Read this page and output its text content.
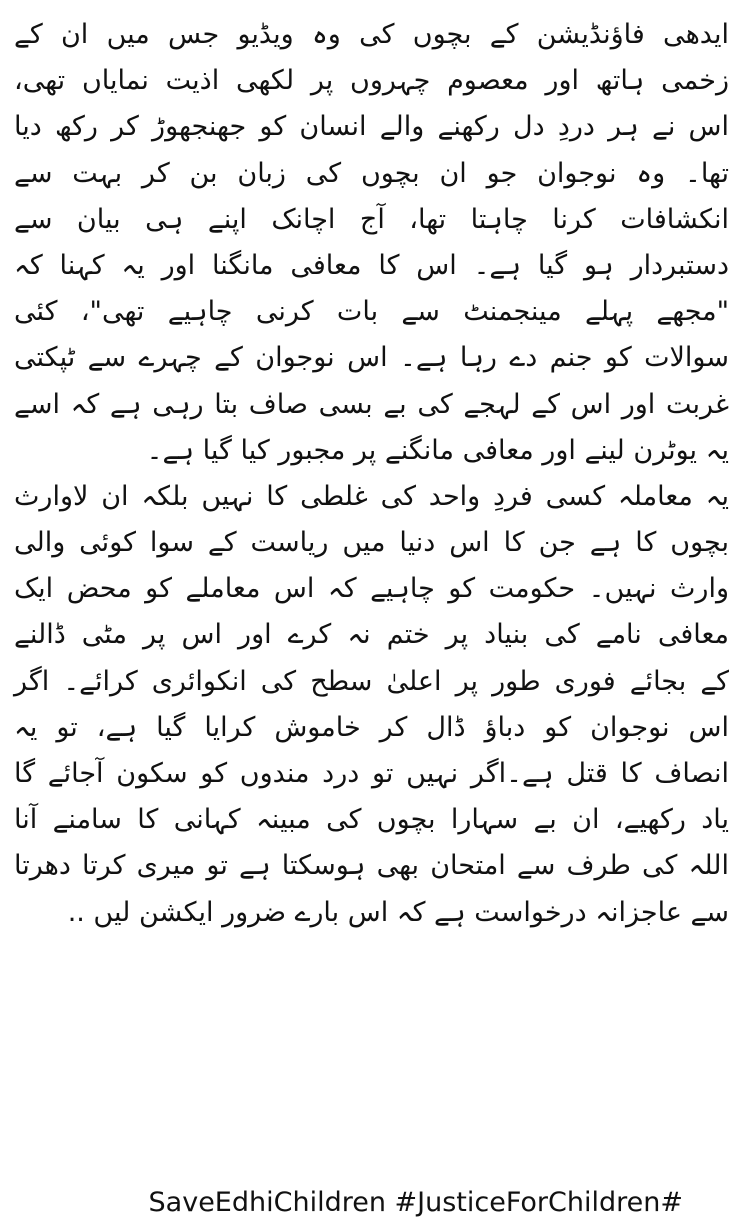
ایدھی فاؤنڈیشن کے بچوں کی وہ ویڈیو جس میں ان کے
زخمی ہاتھ اور معصوم چہروں پر لکھی اذیت نمایاں تھی،
اس نے ہر دردِ دل رکھنے والے انسان کو جھنجھوڑ کر رکھ دیا
تھا۔ وہ نوجوان جو ان بچوں کی زبان بن کر بہت سے
انکشافات کرنا چاہتا تھا، آج اچانک اپنے ہی بیان سے
دستبردار ہو گیا ہے۔ اس کا معافی مانگنا اور یہ کہنا کہ
"مجھے پہلے مینجمنٹ سے بات کرنی چاہیے تھی"، کئی
سوالات کو جنم دے رہا ہے۔ اس نوجوان کے چہرے سے ٹپکتی
غربت اور اس کے لہجے کی بے بسی صاف بتا رہی ہے کہ اسے
یہ یوٹرن لینے اور معافی مانگنے پر مجبور کیا گیا ہے۔
یہ معاملہ کسی فردِ واحد کی غلطی کا نہیں بلکہ ان لاوارث
بچوں کا ہے جن کا اس دنیا میں ریاست کے سوا کوئی والی
وارث نہیں۔ حکومت کو چاہیے کہ اس معاملے کو محض ایک
معافی نامے کی بنیاد پر ختم نہ کرے اور اس پر مٹی ڈالنے
کے بجائے فوری طور پر اعلیٰ سطح کی انکوائری کرائے۔ اگر
اس نوجوان کو دباؤ ڈال کر خاموش کرایا گیا ہے، تو یہ
انصاف کا قتل ہے۔اگر نہیں تو درد مندوں کو سکون آجائے گا
یاد رکھیے، ان بے سہارا بچوں کی مبینہ کہانی کا سامنے آنا
اللہ کی طرف سے امتحان بھی ہوسکتا ہے تو میری کرتا دھرتا
سے عاجزانہ درخواست ہے کہ اس بارے ضرور ایکشن لیں ..
#SaveEdhiChildren #JusticeForChildren
